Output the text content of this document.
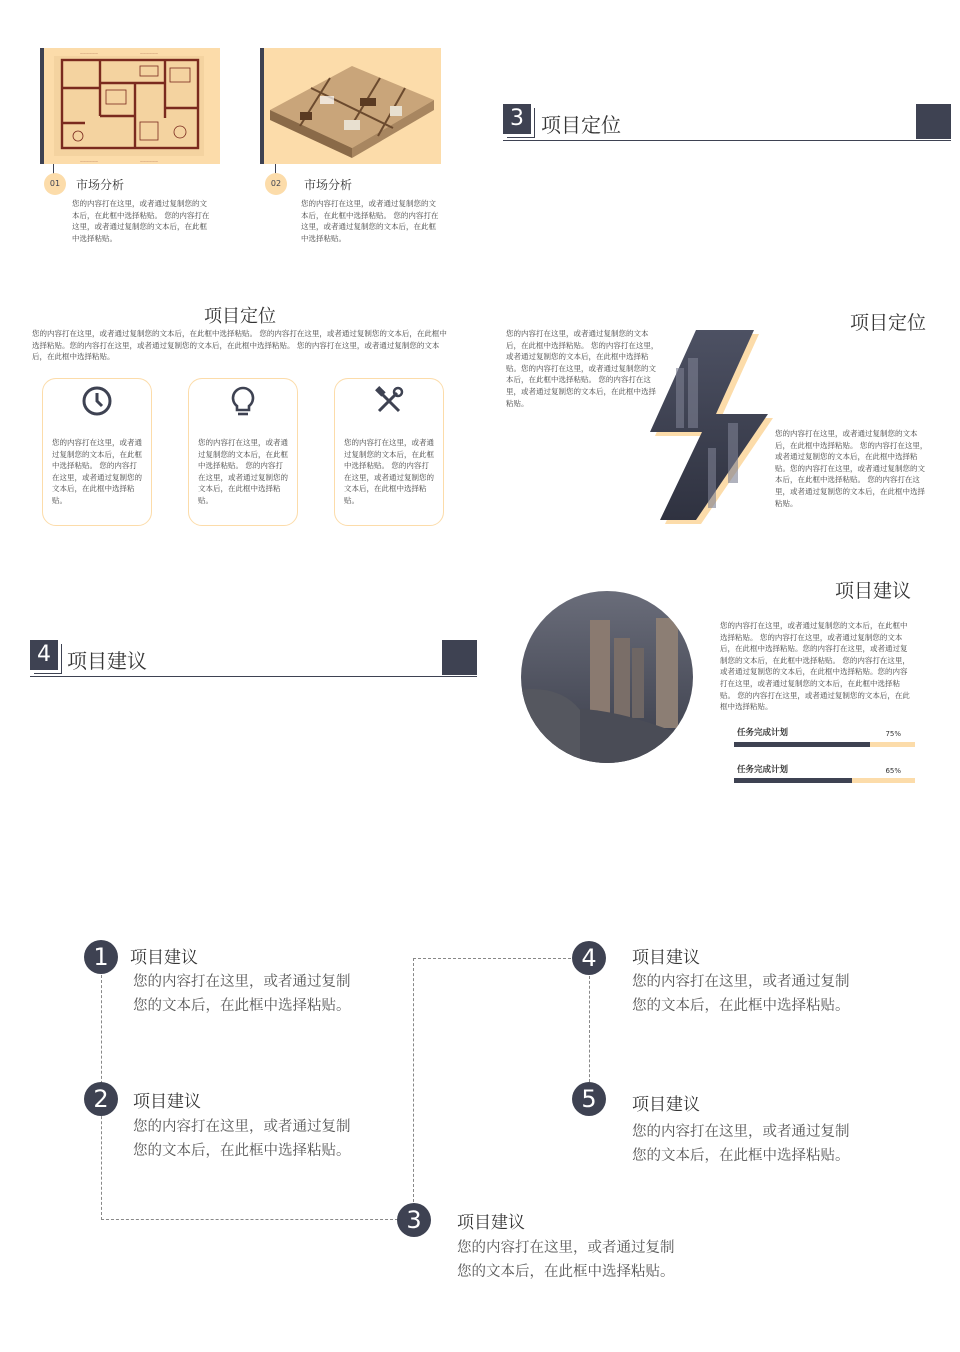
——————	——————
——————	——————
01	市场分析
您的内容打在这里，或者通过复制您的文本后，在此框中选择粘贴。 您的内容打在这里，或者通过复制您的文本后，在此框中选择粘贴。
02	市场分析
您的内容打在这里，或者通过复制您的文本后，在此框中选择粘贴。 您的内容打在这里，或者通过复制您的文本后，在此框中选择粘贴。
3 项目定位
项目定位
您的内容打在这里，或者通过复制您的文本后，在此框中选择粘贴。 您的内容打在这里，或者通过复制您的文本后，在此框中选择粘贴。您的内容打在这里，或者通过复制您的文本后，在此框中选择粘贴。 您的内容打在这里，或者通过复制您的文本后，在此框中选择粘贴。
您的内容打在这里，或者通过复制您的文本后，在此框中选择粘贴。 您的内容打在这里，或者通过复制您的文本后，在此框中选择粘贴。
您的内容打在这里，或者通过复制您的文本后，在此框中选择粘贴。 您的内容打在这里，或者通过复制您的文本后，在此框中选择粘贴。
您的内容打在这里，或者通过复制您的文本后，在此框中选择粘贴。 您的内容打在这里，或者通过复制您的文本后，在此框中选择粘贴。
项目定位
您的内容打在这里，或者通过复制您的文本后，在此框中选择粘贴。 您的内容打在这里，或者通过复制您的文本后，在此框中选择粘贴。您的内容打在这里，或者通过复制您的文本后，在此框中选择粘贴。 您的内容打在这里，或者通过复制您的文本后，在此框中选择粘贴。
您的内容打在这里，或者通过复制您的文本后，在此框中选择粘贴。 您的内容打在这里，或者通过复制您的文本后，在此框中选择粘贴。您的内容打在这里，或者通过复制您的文本后，在此框中选择粘贴。 您的内容打在这里，或者通过复制您的文本后，在此框中选择粘贴。
4 项目建议
项目建议
您的内容打在这里，或者通过复制您的文本后，在此框中选择粘贴。 您的内容打在这里，或者通过复制您的文本后，在此框中选择粘贴。您的内容打在这里，或者通过复制您的文本后，在此框中选择粘贴。 您的内容打在这里，或者通过复制您的文本后，在此框中选择粘贴。您的内容打在这里，或者通过复制您的文本后，在此框中选择粘贴。 您的内容打在这里，或者通过复制您的文本后，在此框中选择粘贴。
任务完成计划	75%
任务完成计划	65%
1	项目建议
您的内容打在这里，或者通过复制
您的文本后，在此框中选择粘贴。
2	项目建议
您的内容打在这里，或者通过复制
您的文本后，在此框中选择粘贴。
3	项目建议
您的内容打在这里，或者通过复制
您的文本后，在此框中选择粘贴。
4	项目建议
您的内容打在这里，或者通过复制
您的文本后，在此框中选择粘贴。
5	项目建议
您的内容打在这里，或者通过复制
您的文本后，在此框中选择粘贴。
